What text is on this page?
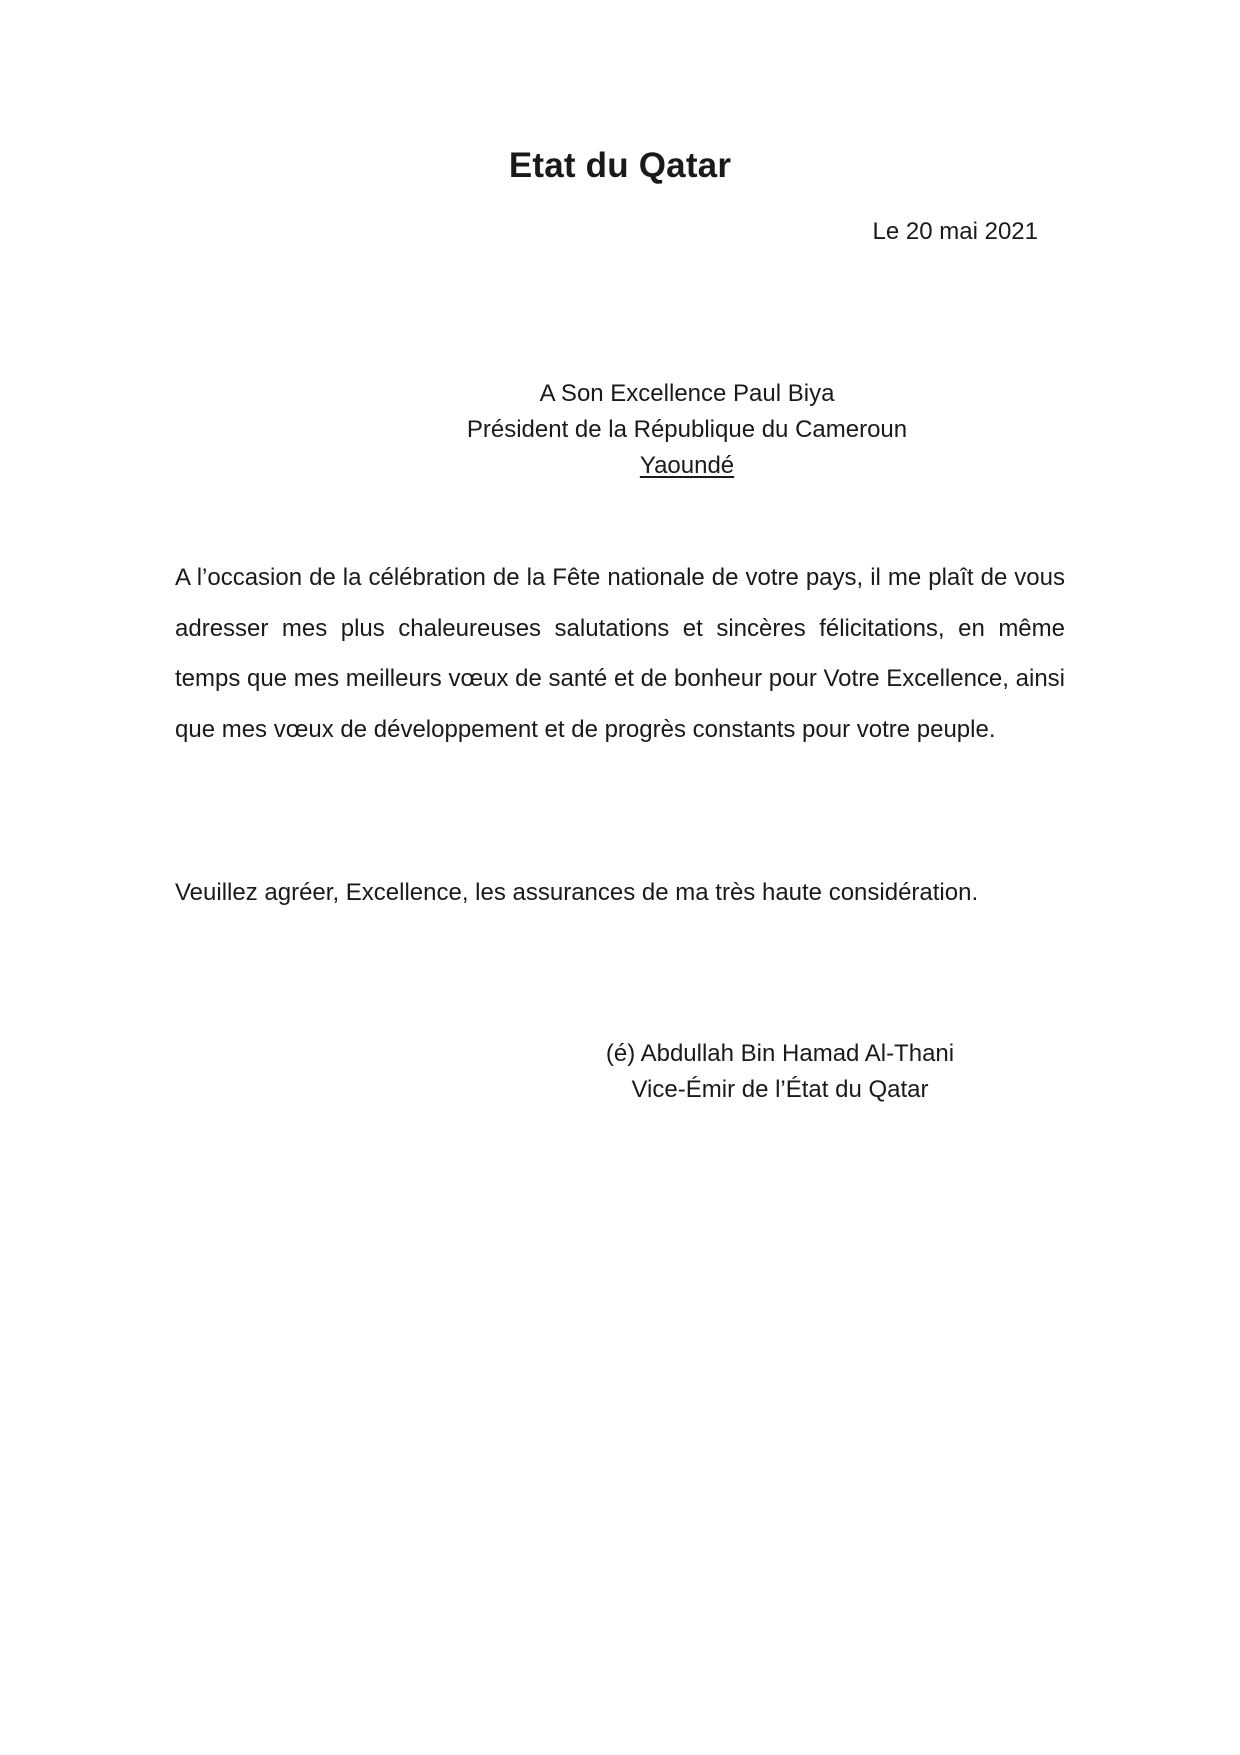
Etat du Qatar
Le 20 mai 2021
A Son Excellence Paul Biya
Président de la République du Cameroun
Yaoundé

A l’occasion de la célébration de la Fête nationale de votre pays, il me plaît de vous adresser mes plus chaleureuses salutations et sincères félicitations, en même temps que mes meilleurs vœux de santé et de bonheur pour Votre Excellence, ainsi que mes vœux de développement et de progrès constants pour votre peuple.

Veuillez agréer, Excellence, les assurances de ma très haute considération.
(é) Abdullah Bin Hamad Al-Thani
Vice-Émir de l’État du Qatar
